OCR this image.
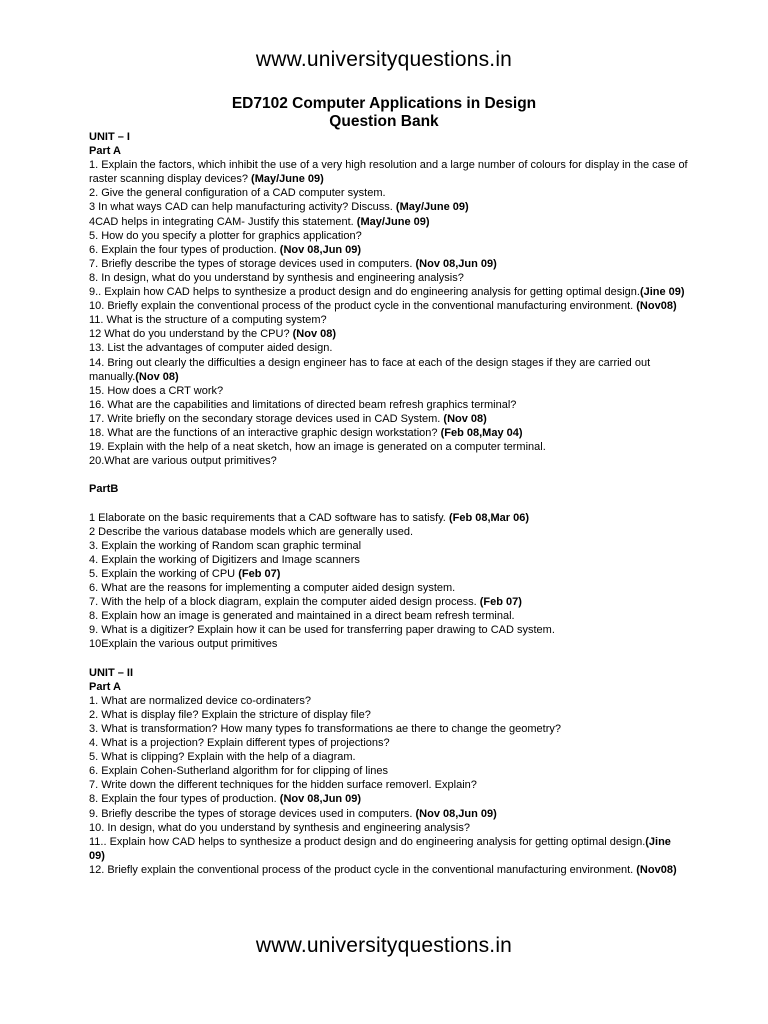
www.universityquestions.in
ED7102 Computer Applications in Design
Question Bank
UNIT – I
Part A
1. Explain the factors, which inhibit the use of a very high resolution and a large number of colours for display in the case of raster scanning display devices? (May/June 09)
2. Give the general configuration of a CAD computer system.
3 In what ways CAD can help manufacturing activity? Discuss. (May/June 09)
4CAD helps in integrating CAM- Justify this statement. (May/June 09)
5. How do you specify a plotter for graphics application?
6. Explain the four types of production. (Nov 08,Jun 09)
7. Briefly describe the types of storage devices used in computers. (Nov 08,Jun 09)
8. In design, what do you understand by synthesis and engineering analysis?
9.. Explain how CAD helps to synthesize a product design and do engineering analysis for getting optimal design.(Jine 09)
10. Briefly explain the conventional process of the product cycle in the conventional manufacturing environment. (Nov08)
11. What is the structure of a computing system?
12 What do you understand by the CPU? (Nov 08)
13. List the advantages of computer aided design.
14. Bring out clearly the difficulties a design engineer has to face at each of the design stages if they are carried out manually.(Nov 08)
15. How does a CRT work?
16. What are the capabilities and limitations of directed beam refresh graphics terminal?
17. Write briefly on the secondary storage devices used in CAD System. (Nov 08)
18. What are the functions of an interactive graphic design workstation? (Feb 08,May 04)
19. Explain with the help of a neat sketch, how an image is generated on a computer terminal.
20.What are various output primitives?
PartB
1 Elaborate on the basic requirements that a CAD software has to satisfy. (Feb 08,Mar 06)
2 Describe the various database models which are generally used.
3. Explain the working of Random scan graphic terminal
4. Explain the working of Digitizers and Image scanners
5. Explain the working of CPU (Feb 07)
6. What are the reasons for implementing a computer aided design system.
7. With the help of a block diagram, explain the computer aided design process. (Feb 07)
8. Explain how an image is generated and maintained in a direct beam refresh terminal.
9. What is a digitizer? Explain how it can be used for transferring paper drawing to CAD system.
10Explain the various output primitives
UNIT – II
Part A
1. What are normalized device co-ordinaters?
2. What is display file? Explain the stricture of display file?
3. What is transformation? How many types fo transformations ae there to change the geometry?
4. What is a projection? Explain different types of projections?
5. What is clipping? Explain with the help of a diagram.
6. Explain Cohen-Sutherland algorithm for for clipping of lines
7. Write down the different techniques for the hidden surface removerl. Explain?
8. Explain the four types of production. (Nov 08,Jun 09)
9. Briefly describe the types of storage devices used in computers. (Nov 08,Jun 09)
10. In design, what do you understand by synthesis and engineering analysis?
11.. Explain how CAD helps to synthesize a product design and do engineering analysis for getting optimal design.(Jine 09)
12. Briefly explain the conventional process of the product cycle in the conventional manufacturing environment. (Nov08)
www.universityquestions.in
